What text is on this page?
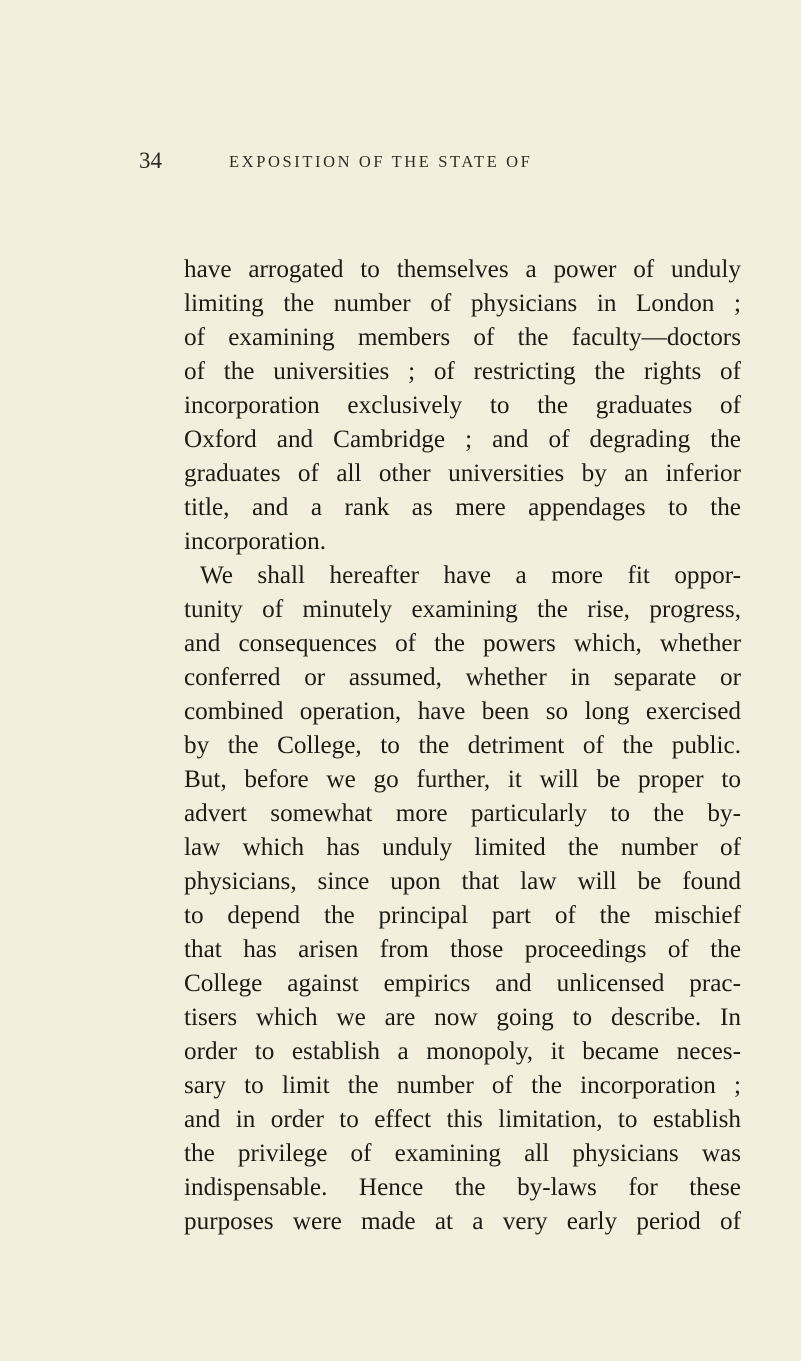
34	EXPOSITION OF THE STATE OF
have arrogated to themselves a power of unduly
limiting the number of physicians in London ;
of examining members of the faculty—doctors
of the universities ; of restricting the rights of
incorporation exclusively to the graduates of
Oxford and Cambridge ; and of degrading the
graduates of all other universities by an inferior
title, and a rank as mere appendages to the
incorporation.
We shall hereafter have a more fit oppor-
tunity of minutely examining the rise, progress,
and consequences of the powers which, whether
conferred or assumed, whether in separate or
combined operation, have been so long exercised
by the College, to the detriment of the public.
But, before we go further, it will be proper to
advert somewhat more particularly to the by-
law which has unduly limited the number of
physicians, since upon that law will be found
to depend the principal part of the mischief
that has arisen from those proceedings of the
College against empirics and unlicensed prac-
tisers which we are now going to describe. In
order to establish a monopoly, it became neces-
sary to limit the number of the incorporation ;
and in order to effect this limitation, to establish
the privilege of examining all physicians was
indispensable. Hence the by-laws for these
purposes were made at a very early period of
